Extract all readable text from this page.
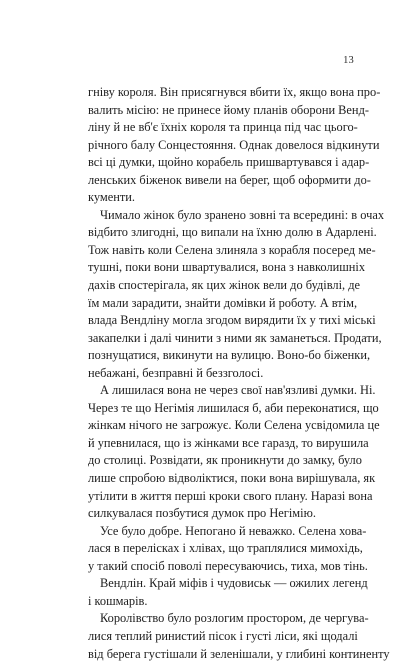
13
гніву короля. Він присягнувся вбити їх, якщо вона про-
валить місію: не принесе йому планів оборони Венд-
ліну й не вб'є їхніх короля та принца під час цього-
річного балу Сонцестояння. Однак довелося відкинути
всі ці думки, щойно корабель пришвартувався і адар-
ленських біженок вивели на берег, щоб оформити до-
кументи.
Чимало жінок було зранено зовні та всередині: в очах
відбито злигодні, що випали на їхню долю в Адарлені.
Тож навіть коли Селена злиняла з корабля посеред ме-
тушні, поки вони швартувалися, вона з навколишніх
дахів спостерігала, як цих жінок вели до будівлі, де
їм мали зарадити, знайти домівки й роботу. А втім,
влада Вендліну могла згодом вирядити їх у тихі міські
закапелки і далі чинити з ними як заманеться. Продати,
познущатися, викинути на вулицю. Воно-бо біженки,
небажані, безправні й беззголосі.
А лишилася вона не через свої нав'язливі думки. Ні.
Через те що Негімія лишилася б, аби переконатися, що
жінкам нічого не загрожує. Коли Селена усвідомила це
й упевнилася, що із жінками все гаразд, то вирушила
до столиці. Розвідати, як проникнути до замку, було
лише спробою відволіктися, поки вона вирішувала, як
утілити в життя перші кроки свого плану. Наразі вона
силкувалася позбутися думок про Негімію.
Усе було добре. Непогано й неважко. Селена хова-
лася в перелісках і хлівах, що траплялися мимохідь,
у такий спосіб поволі пересуваючись, тиха, мов тінь.
Вендлін. Край міфів і чудовиськ — ожилих легенд
і кошмарів.
Королівство було розлогим простором, де чергува-
лися теплий ринистий пісок і густі ліси, які щодалі
від берега густішали й зеленішали, у глибині континенту
